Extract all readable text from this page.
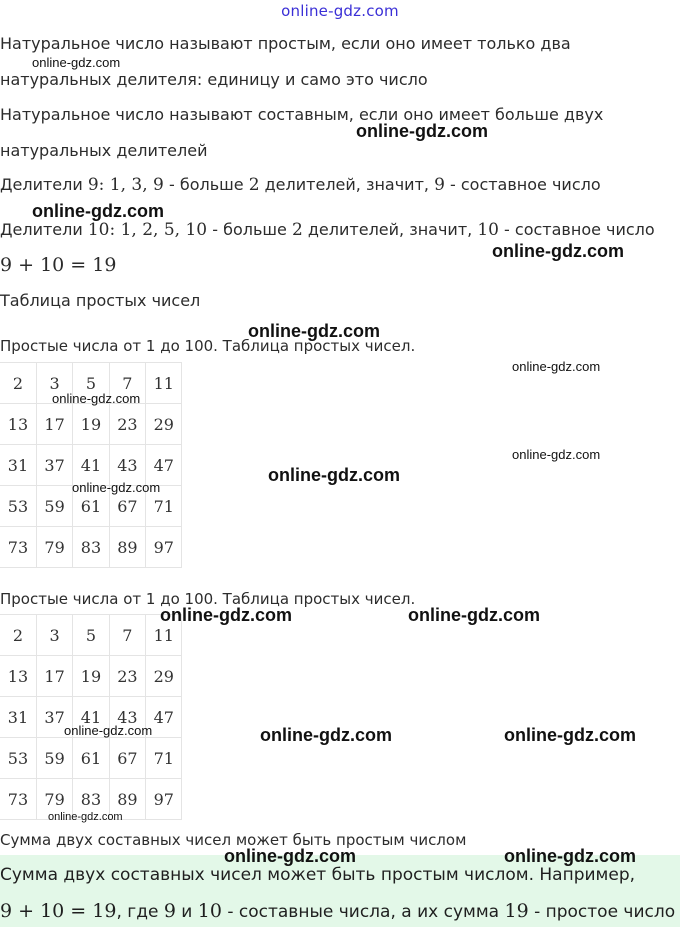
online-gdz.com
Натуральное число называют простым, если оно имеет только два
натуральных делителя: единицу и само это число
Натуральное число называют составным, если оно имеет больше двух
натуральных делителей
Делители 9: 1, 3, 9 - больше 2 делителей, значит, 9 - составное число
Делители 10: 1, 2, 5, 10 - больше 2 делителей, значит, 10 - составное число
9 + 10 = 19
Таблица простых чисел
Простые числа от 1 до 100. Таблица простых чисел.
2	3	5	7	11
13	17	19	23	29
31	37	41	43	47
53	59	61	67	71
73	79	83	89	97
Простые числа от 1 до 100. Таблица простых чисел.
2	3	5	7	11
13	17	19	23	29
31	37	41	43	47
53	59	61	67	71
73	79	83	89	97
Сумма двух составных чисел может быть простым числом
Сумма двух составных чисел может быть простым числом. Например,
9 + 10 = 19, где 9 и 10 - составные числа, а их сумма 19 - простое число
online-gdz.com
online-gdz.com
online-gdz.com
online-gdz.com
online-gdz.com
online-gdz.com
online-gdz.com
online-gdz.com
online-gdz.com
online-gdz.com
online-gdz.com	online-gdz.com
online-gdz.com	online-gdz.com	online-gdz.com
online-gdz.com
online-gdz.com	online-gdz.com
